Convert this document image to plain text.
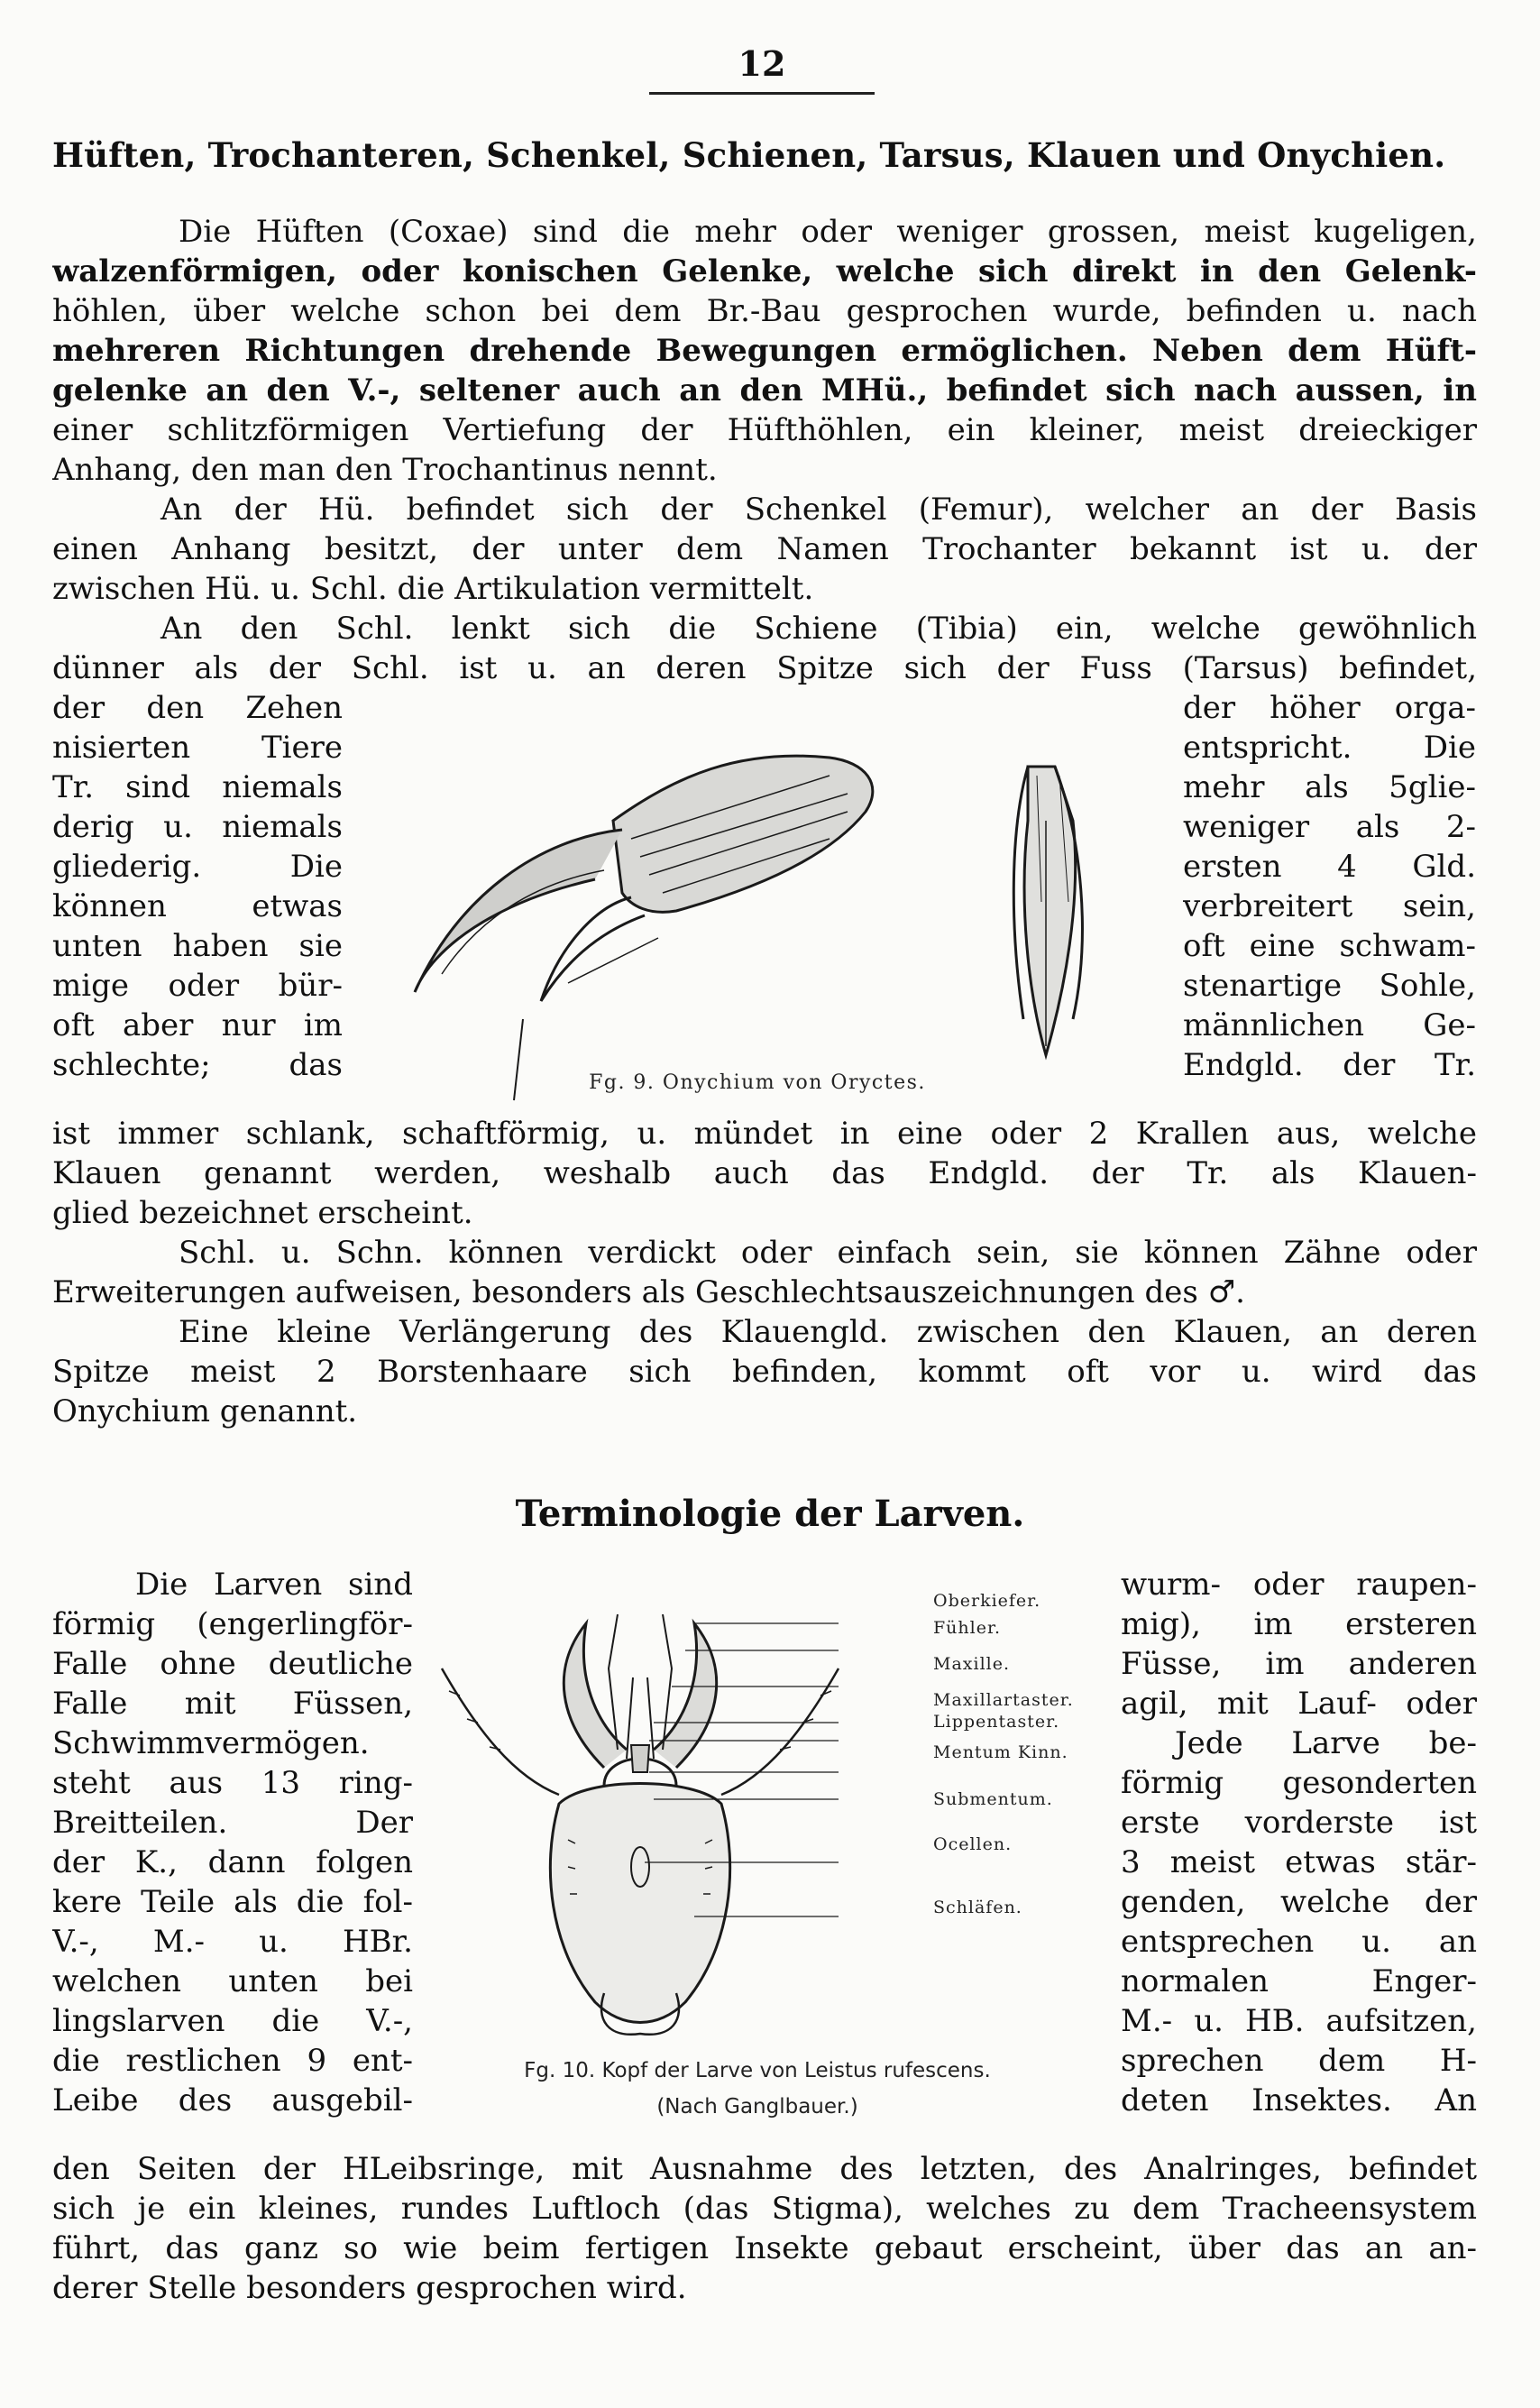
12
Hüften, Trochanteren, Schenkel, Schienen, Tarsus, Klauen und Onychien.
Die Hüften (Coxae) sind die mehr oder weniger grossen, meist kugeligen,
walzenförmigen, oder konischen Gelenke, welche sich direkt in den Gelenk-
höhlen, über welche schon bei dem Br.-Bau gesprochen wurde, befinden u. nach
mehreren Richtungen drehende Bewegungen ermöglichen. Neben dem Hüft-
gelenke an den V.-, seltener auch an den MHü., befindet sich nach aussen, in
einer schlitzförmigen Vertiefung der Hüfthöhlen, ein kleiner, meist dreieckiger
Anhang, den man den Trochantinus nennt.
An der Hü. befindet sich der Schenkel (Femur), welcher an der Basis
einen Anhang besitzt, der unter dem Namen Trochanter bekannt ist u. der
zwischen Hü. u. Schl. die Artikulation vermittelt.
An den Schl. lenkt sich die Schiene (Tibia) ein, welche gewöhnlich
dünner als der Schl. ist u. an deren Spitze sich der Fuss (Tarsus) befindet,
der den Zehen
nisierten Tiere
Tr. sind niemals
derig u. niemals
gliederig. Die
können etwas
unten haben sie
mige oder bür-
oft aber nur im
schlechte; das
der höher orga-
entspricht. Die
mehr als 5glie-
weniger als 2-
ersten 4 Gld.
verbreitert sein,
oft eine schwam-
stenartige Sohle,
männlichen Ge-
Endgld. der Tr.
Fg. 9. Onychium von Oryctes.
ist immer schlank, schaftförmig, u. mündet in eine oder 2 Krallen aus, welche
Klauen genannt werden, weshalb auch das Endgld. der Tr. als Klauen-
glied bezeichnet erscheint.
Schl. u. Schn. können verdickt oder einfach sein, sie können Zähne oder
Erweiterungen aufweisen, besonders als Geschlechtsauszeichnungen des ♂.
Eine kleine Verlängerung des Klauengld. zwischen den Klauen, an deren
Spitze meist 2 Borstenhaare sich befinden, kommt oft vor u. wird das
Onychium genannt.
Terminologie der Larven.
Die Larven sind
förmig (engerlingför-
Falle ohne deutliche
Falle mit Füssen,
Schwimmvermögen.
steht aus 13 ring-
Breitteilen. Der
der K., dann folgen
kere Teile als die fol-
V.-, M.- u. HBr.
welchen unten bei
lingslarven die V.-,
die restlichen 9 ent-
Leibe des ausgebil-
wurm- oder raupen-
mig), im ersteren
Füsse, im anderen
agil, mit Lauf- oder
Jede Larve be-
förmig gesonderten
erste vorderste ist
3 meist etwas stär-
genden, welche der
entsprechen u. an
normalen Enger-
M.- u. HB. aufsitzen,
sprechen dem H-
deten Insektes. An
Oberkiefer.
Fühler.
Maxille.
Maxillartaster.
Lippentaster.
Mentum Kinn.
Submentum.
Ocellen.
Schläfen.
Fg. 10. Kopf der Larve von Leistus rufescens.
(Nach Ganglbauer.)
den Seiten der HLeibsringe, mit Ausnahme des letzten, des Analringes, befindet
sich je ein kleines, rundes Luftloch (das Stigma), welches zu dem Tracheensystem
führt, das ganz so wie beim fertigen Insekte gebaut erscheint, über das an an-
derer Stelle besonders gesprochen wird.
